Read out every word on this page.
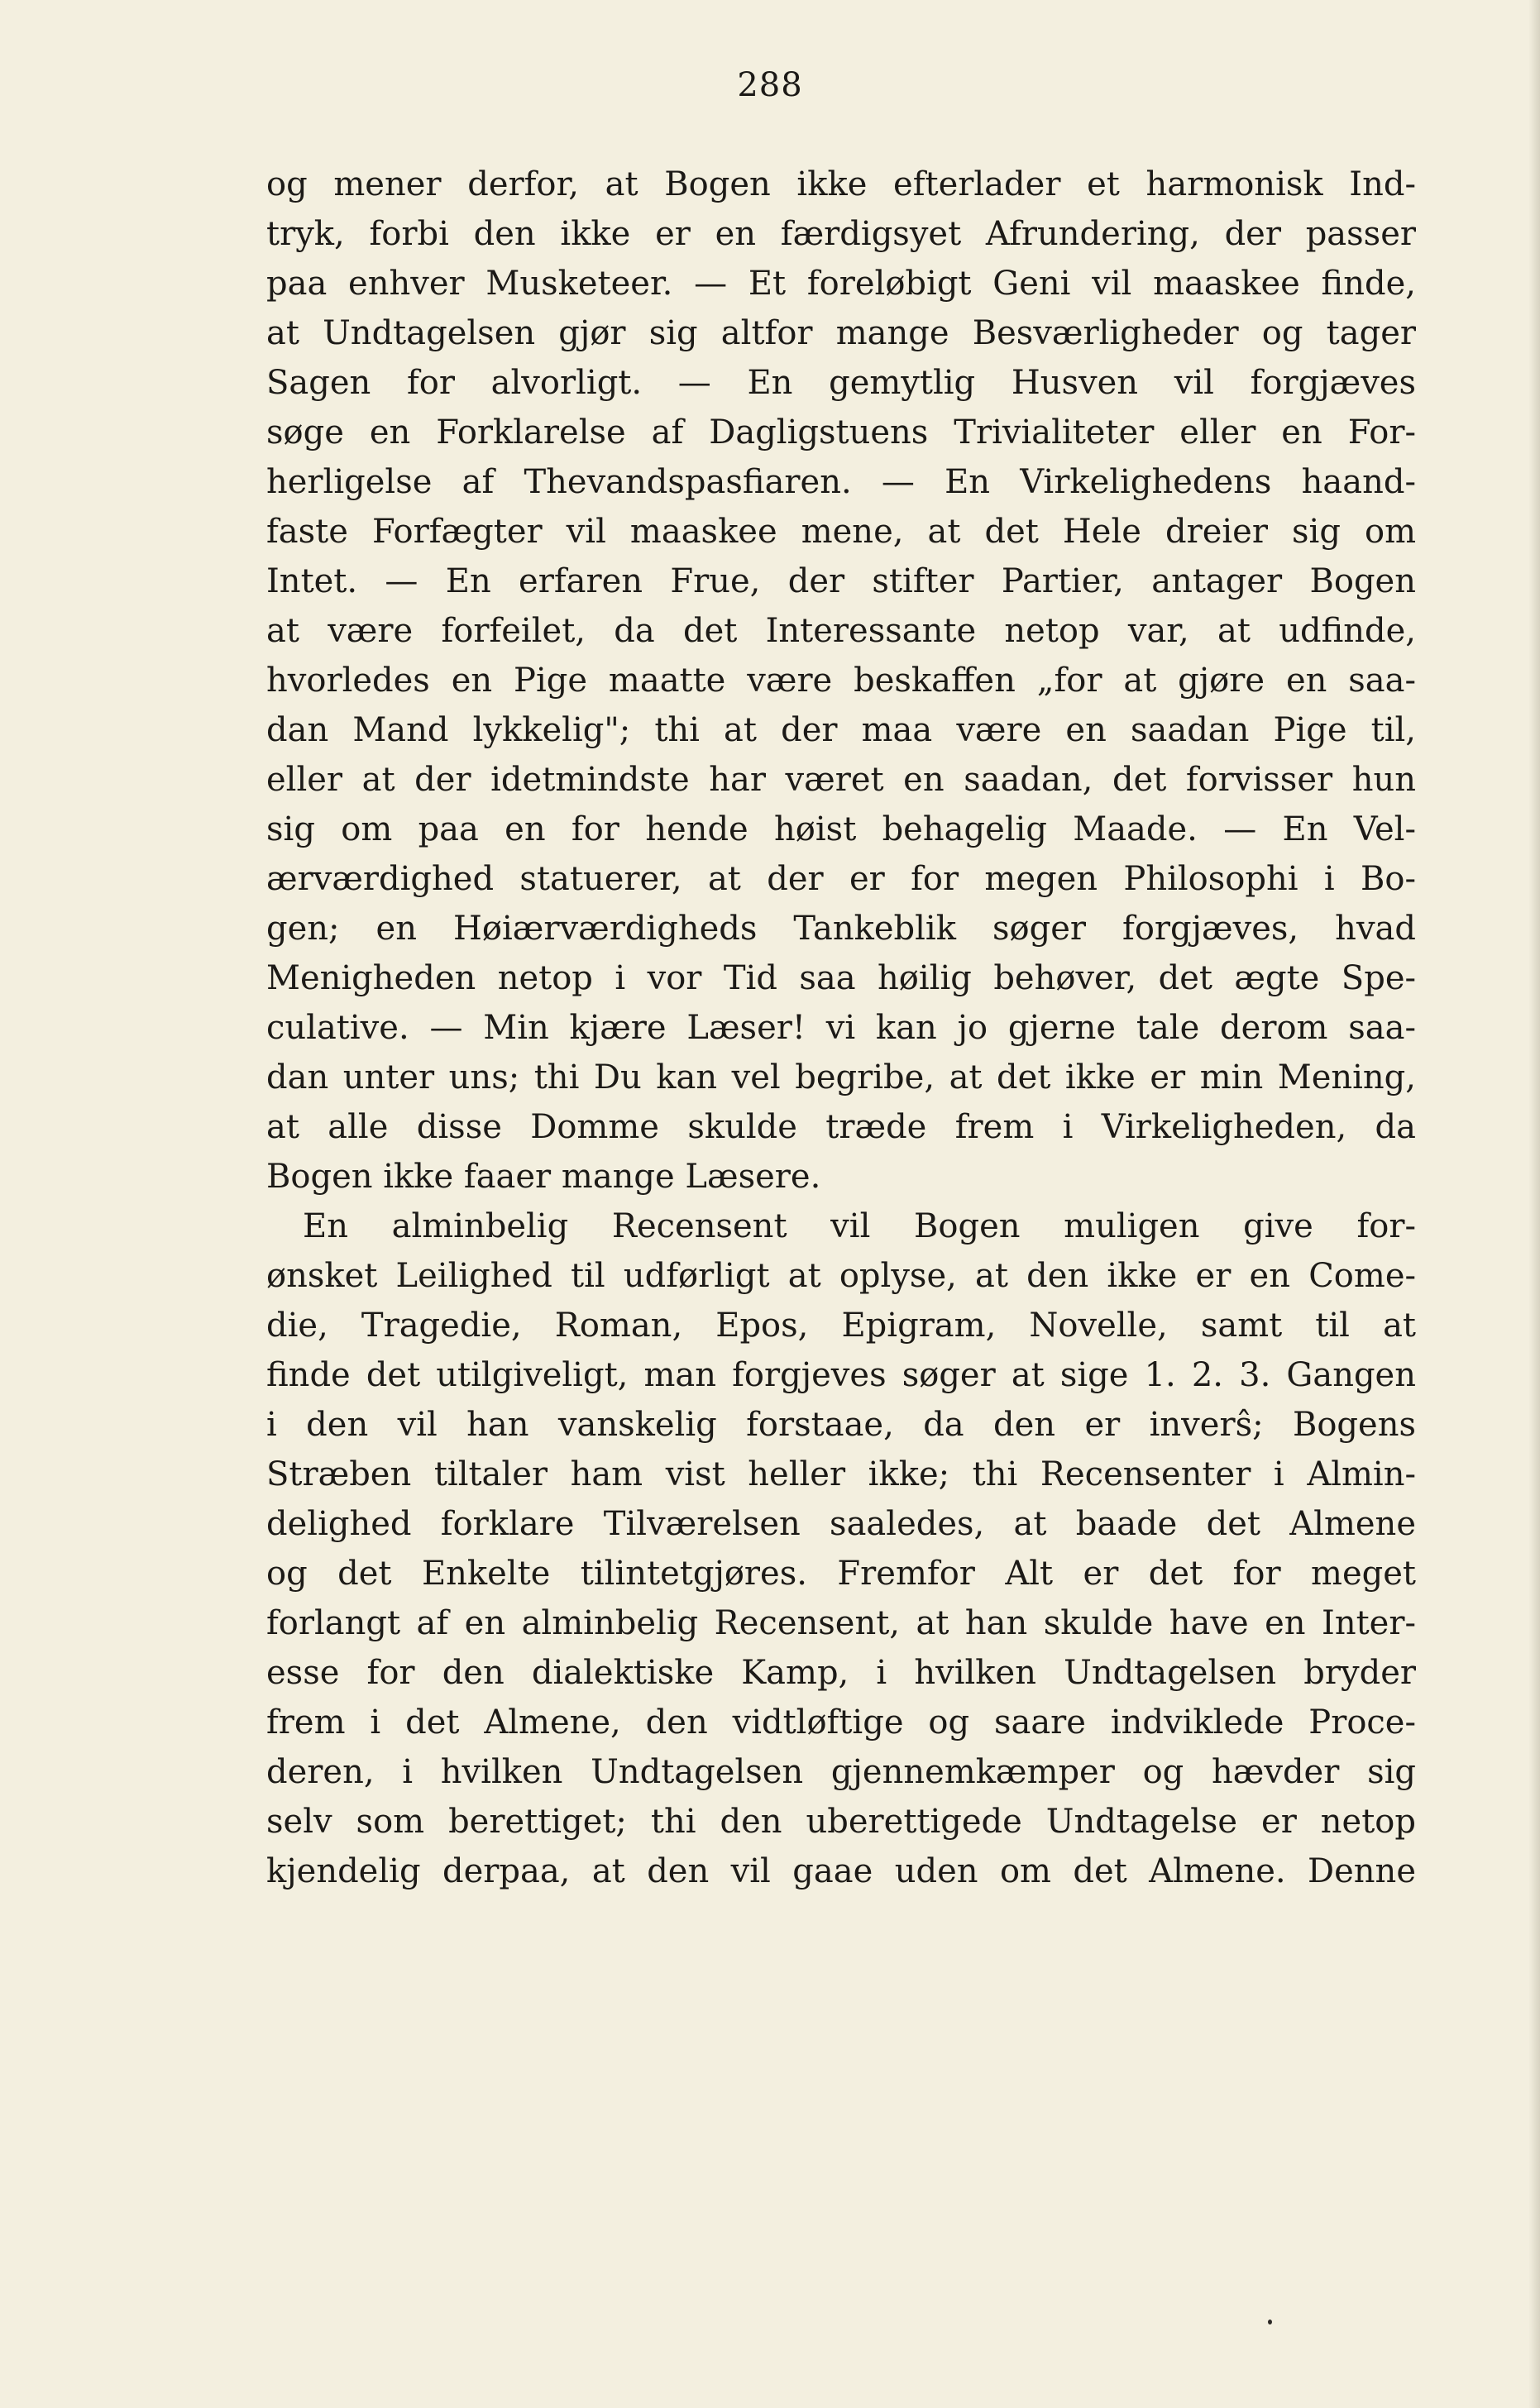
288
og mener derfor, at Bogen ikke efterlader et harmonisk Ind-
tryk, forbi den ikke er en færdigsyet Afrundering, der passer
paa enhver Musketeer. — Et foreløbigt Geni vil maaskee finde,
at Undtagelsen gjør sig altfor mange Besværligheder og tager
Sagen for alvorligt. — En gemytlig Husven vil forgjæves
søge en Forklarelse af Dagligstuens Trivialiteter eller en For-
herligelse af Thevandspasfiaren. — En Virkelighedens haand-
faste Forfægter vil maaskee mene, at det Hele dreier sig om
Intet. — En erfaren Frue, der stifter Partier, antager Bogen
at være forfeilet, da det Interessante netop var, at udfinde,
hvorledes en Pige maatte være beskaffen „for at gjøre en saa-
dan Mand lykkelig"; thi at der maa være en saadan Pige til,
eller at der idetmindste har været en saadan, det forvisser hun
sig om paa en for hende høist behagelig Maade. — En Vel-
ærværdighed statuerer, at der er for megen Philosophi i Bo-
gen; en Høiærværdigheds Tankeblik søger forgjæves, hvad
Menigheden netop i vor Tid saa høilig behøver, det ægte Spe-
culative. — Min kjære Læser! vi kan jo gjerne tale derom saa-
dan unter uns; thi Du kan vel begribe, at det ikke er min Mening,
at alle disse Domme skulde træde frem i Virkeligheden, da
Bogen ikke faaer mange Læsere.
En alminbelig Recensent vil Bogen muligen give for-
ønsket Leilighed til udførligt at oplyse, at den ikke er en Come-
die, Tragedie, Roman, Epos, Epigram, Novelle, samt til at
finde det utilgiveligt, man forgjeves søger at sige 1. 2. 3. Gangen
i den vil han vanskelig forstaae, da den er inverŝ; Bogens
Stræben tiltaler ham vist heller ikke; thi Recensenter i Almin-
delighed forklare Tilværelsen saaledes, at baade det Almene
og det Enkelte tilintetgjøres. Fremfor Alt er det for meget
forlangt af en alminbelig Recensent, at han skulde have en Inter-
esse for den dialektiske Kamp, i hvilken Undtagelsen bryder
frem i det Almene, den vidtløftige og saare indviklede Proce-
deren, i hvilken Undtagelsen gjennemkæmper og hævder sig
selv som berettiget; thi den uberettigede Undtagelse er netop
kjendelig derpaa, at den vil gaae uden om det Almene. Denne
